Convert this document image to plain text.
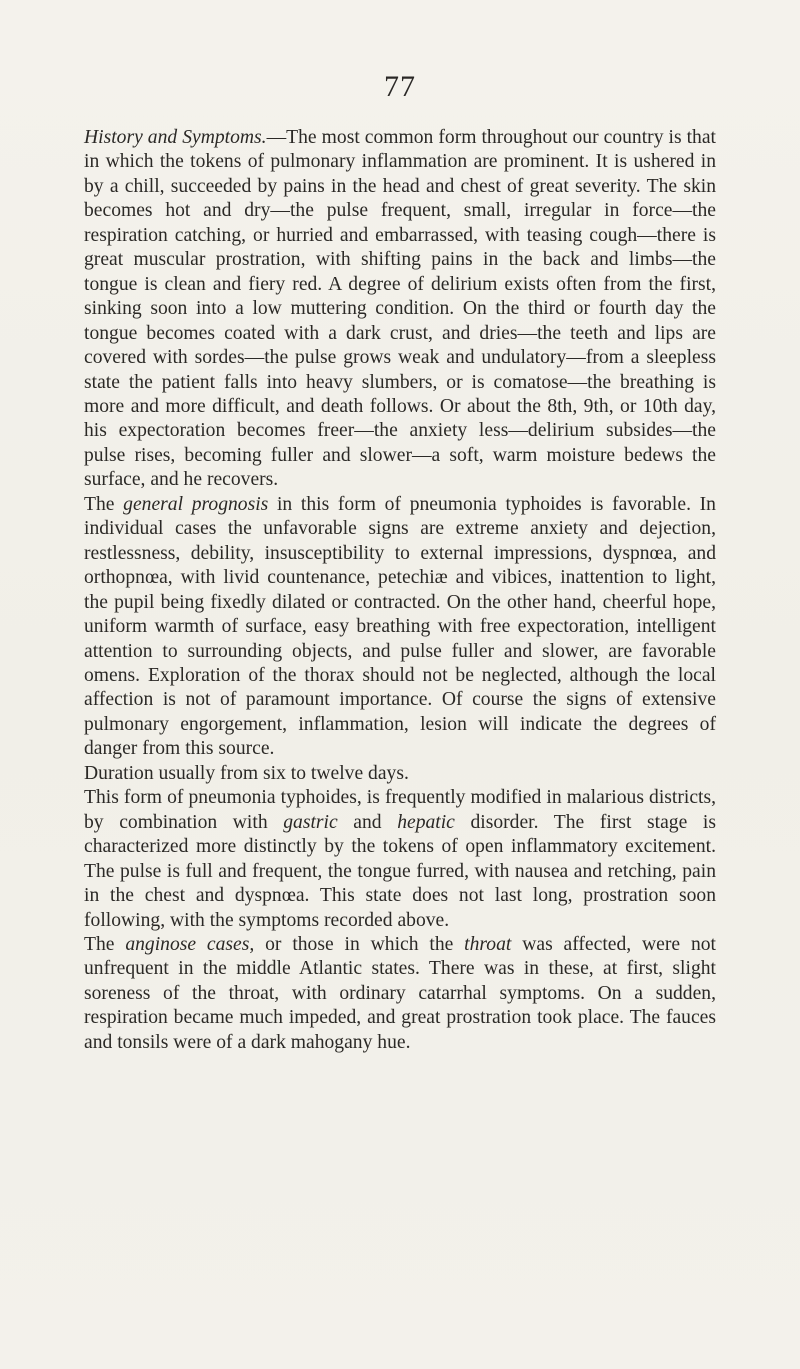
77

History and Symptoms.—The most common form throughout our country is that in which the tokens of pulmonary inflammation are prominent. It is ushered in by a chill, succeeded by pains in the head and chest of great severity. The skin becomes hot and dry—the pulse frequent, small, irregular in force—the respiration catching, or hurried and embarrassed, with teasing cough—there is great muscular prostration, with shifting pains in the back and limbs—the tongue is clean and fiery red. A degree of delirium exists often from the first, sinking soon into a low muttering condition. On the third or fourth day the tongue becomes coated with a dark crust, and dries—the teeth and lips are covered with sordes—the pulse grows weak and undulatory—from a sleepless state the patient falls into heavy slumbers, or is comatose—the breathing is more and more difficult, and death follows. Or about the 8th, 9th, or 10th day, his expectoration becomes freer—the anxiety less—delirium subsides—the pulse rises, becoming fuller and slower—a soft, warm moisture bedews the surface, and he recovers.

The general prognosis in this form of pneumonia typhoides is favorable. In individual cases the unfavorable signs are extreme anxiety and dejection, restlessness, debility, insusceptibility to external impressions, dyspnœa, and orthopnœa, with livid countenance, petechiæ and vibices, inattention to light, the pupil being fixedly dilated or contracted. On the other hand, cheerful hope, uniform warmth of surface, easy breathing with free expectoration, intelligent attention to surrounding objects, and pulse fuller and slower, are favorable omens. Exploration of the thorax should not be neglected, although the local affection is not of paramount importance. Of course the signs of extensive pulmonary engorgement, inflammation, lesion will indicate the degrees of danger from this source.

Duration usually from six to twelve days.

This form of pneumonia typhoides, is frequently modified in malarious districts, by combination with gastric and hepatic disorder. The first stage is characterized more distinctly by the tokens of open inflammatory excitement. The pulse is full and frequent, the tongue furred, with nausea and retching, pain in the chest and dyspnœa. This state does not last long, prostration soon following, with the symptoms recorded above.

The anginose cases, or those in which the throat was affected, were not unfrequent in the middle Atlantic states. There was in these, at first, slight soreness of the throat, with ordinary catarrhal symptoms. On a sudden, respiration became much impeded, and great prostration took place. The fauces and tonsils were of a dark mahogany hue.
